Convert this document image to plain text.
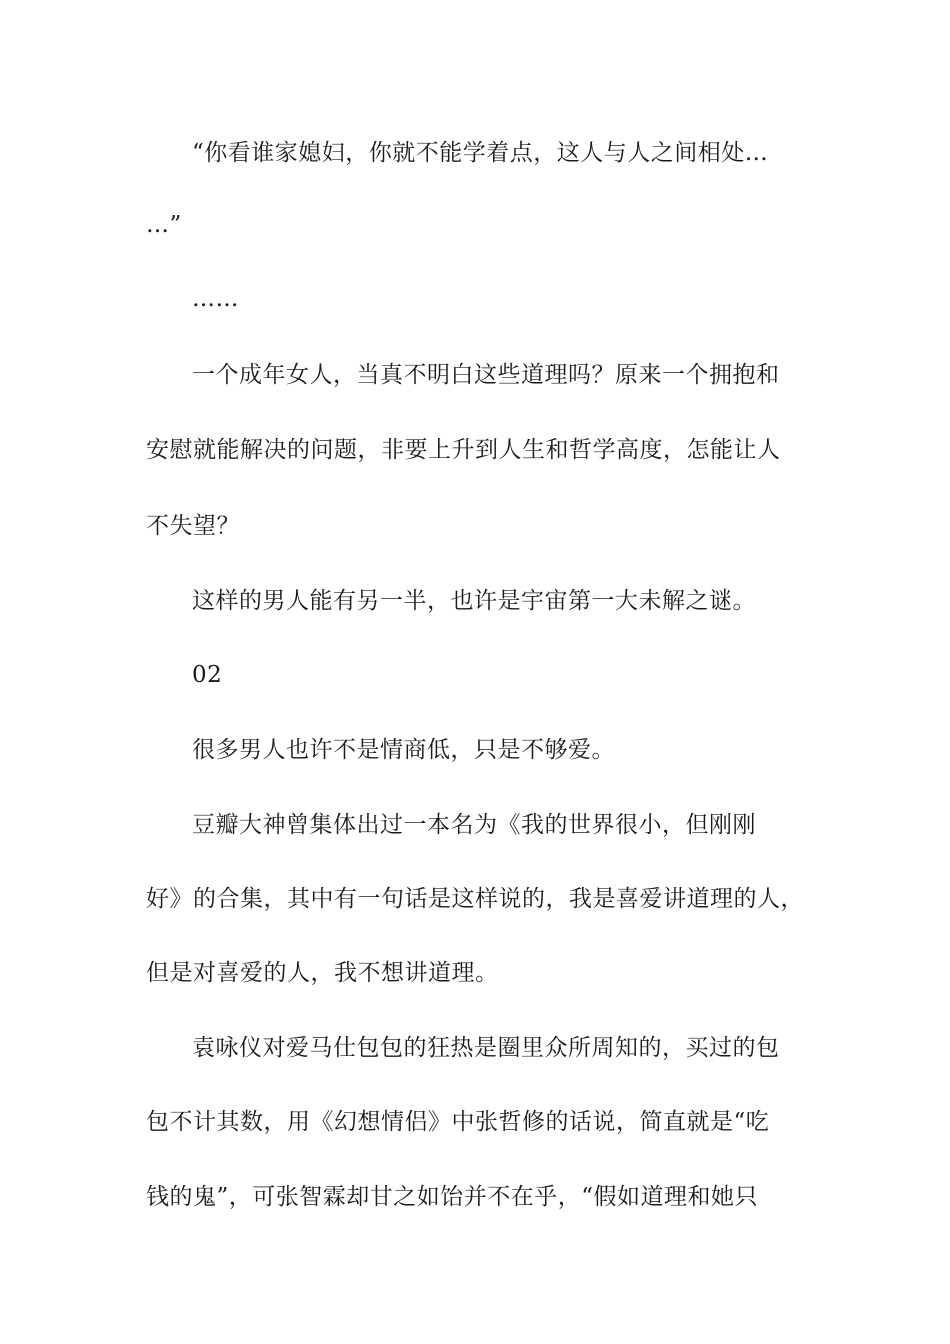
“你看谁家媳妇，你就不能学着点，这人与人之间相处…
…”
……
一个成年女人，当真不明白这些道理吗？原来一个拥抱和
安慰就能解决的问题，非要上升到人生和哲学高度，怎能让人
不失望？
这样的男人能有另一半，也许是宇宙第一大未解之谜。
02
很多男人也许不是情商低，只是不够爱。
豆瓣大神曾集体出过一本名为《我的世界很小，但刚刚
好》的合集，其中有一句话是这样说的，我是喜爱讲道理的人，
但是对喜爱的人，我不想讲道理。
袁咏仪对爱马仕包包的狂热是圈里众所周知的，买过的包
包不计其数，用《幻想情侣》中张哲修的话说，简直就是“吃
钱的鬼”，可张智霖却甘之如饴并不在乎，“假如道理和她只
